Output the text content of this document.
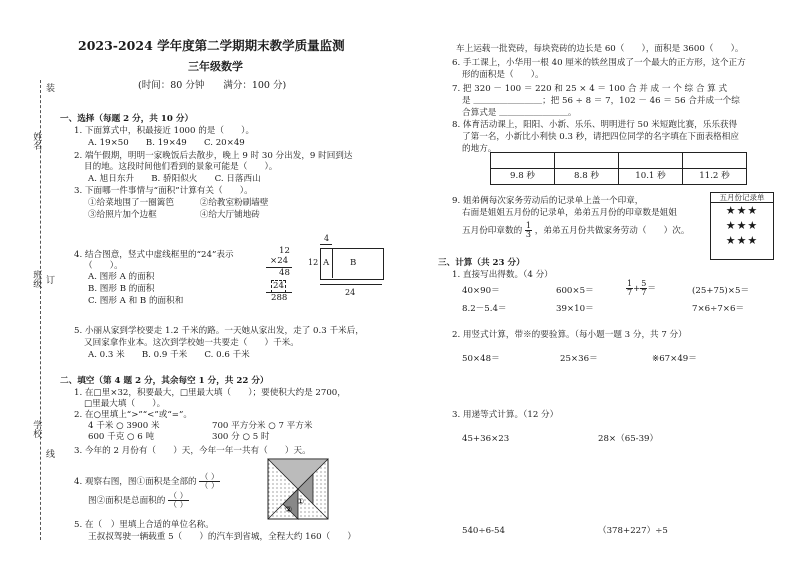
装
姓名
订
班级
学校
线
2023-2024 学年度第二学期期末教学质量监测
三年级数学
(时间：80 分钟　　满分：100 分)
一、选择（每题 2 分，共 10 分）
1. 下面算式中，积最接近 1000 的是（　　）。
A. 19×50　　B. 19×49　　C. 20×49
2. 端午假期，明明一家晚饭后去散步，晚上 9 时 30 分出发，9 时回到达
目的地。这段时间他们看到的景象可能是（　　）。
A. 旭日东升　　B. 骄阳似火　　C. 日落西山
3. 下面哪一件事情与“面积”计算有关（　　）。
①给菜地围了一圈篱笆　　　②给教室粉刷墙壁
③给照片加个边框　　　　　④给大厅铺地砖
4. 结合图意，竖式中虚线框里的“24”表示
（　　）。
A. 图形 A 的面积
B. 图形 B 的面积
C. 图形 A 和 B 的面积和
12
×24
48
24
288
4
12 A B
24
5. 小丽从家到学校要走 1.2 千米的路。一天她从家出发，走了 0.3 千米后，
又回家拿作业本。这次到学校她一共要走（　　）千米。
A. 0.3 米　　B. 0.9 千米　　C. 0.6 千米
二、填空（第 4 题 2 分，其余每空 1 分，共 22 分）
1. 在□里×32，积要最大，□里最大填（　　）；要使积大约是 2700，
□里最大填（　　）。
2. 在○里填上“>”“<”或“=”。
4 千米 ○ 3900 米	700 平方分米 ○ 7 平方米
600 千克 ○ 6 吨	300 分 ○ 5 时
3. 今年的 2 月份有（　　）天，今年一年一共有（　　）天。
4. 观察右图，图①面积是全部的 $\frac{( )}{( )}$
图②面积是总面积的 $\frac{( )}{( )}$	①
②
5. 在（　）里填上合适的单位名称。
王叔叔驾驶一辆载重 5（　　）的汽车到省城，全程大约 160（　　）
车上运载一批瓷砖，每块瓷砖的边长是 60（　　），面积是 3600（　　）。
6. 手工课上，小华用一根 40 厘米的铁丝围成了一个最大的正方形，这个正方
形的面积是（　　）。
7. 把 320 － 100 ＝ 220 和 25 × 4 ＝ 100 合 并 成 一 个 综 合 算 式
是 ＿＿＿＿＿＿＿＿；把 56 ÷ 8 ＝ 7，102 － 46 ＝ 56 合并成一个综
合算式是 ＿＿＿＿＿＿＿＿。
8. 体育活动课上，阳阳、小新、乐乐、明明进行 50 米短跑比赛，乐乐获得
了第一名，小新比小利快 0.3 秒，请把四位同学的名字填在下面表格相应
的地方。

9.8 秒	8.8 秒	10.1 秒	11.2 秒
9. 姐弟俩每次家务劳动后的记录单上盖一个印章，
右面是姐姐五月份的记录单，弟弟五月份的印章数是姐姐
五月份印章数的 $\frac{1}{3}$ ，弟弟五月份共做家务劳动（　　）次。
五月份记录单
★★★
★★★
★★★
三、计算（共 23 分）
1. 直接写出得数。（4 分）
40×90＝	600×5＝	$\frac{1}{7} + \frac{5}{7}$ ＝	(25+75)×5＝
8.2－5.4＝	39×10＝	7×6÷7×6＝
2. 用竖式计算，带※的要验算。（每小题一题 3 分，共 7 分）
50×48＝	25×36＝	※67×49＝
3. 用递等式计算。（12 分）
45+36×23	28×（65-39）
540÷6-54	（378+227）÷5
